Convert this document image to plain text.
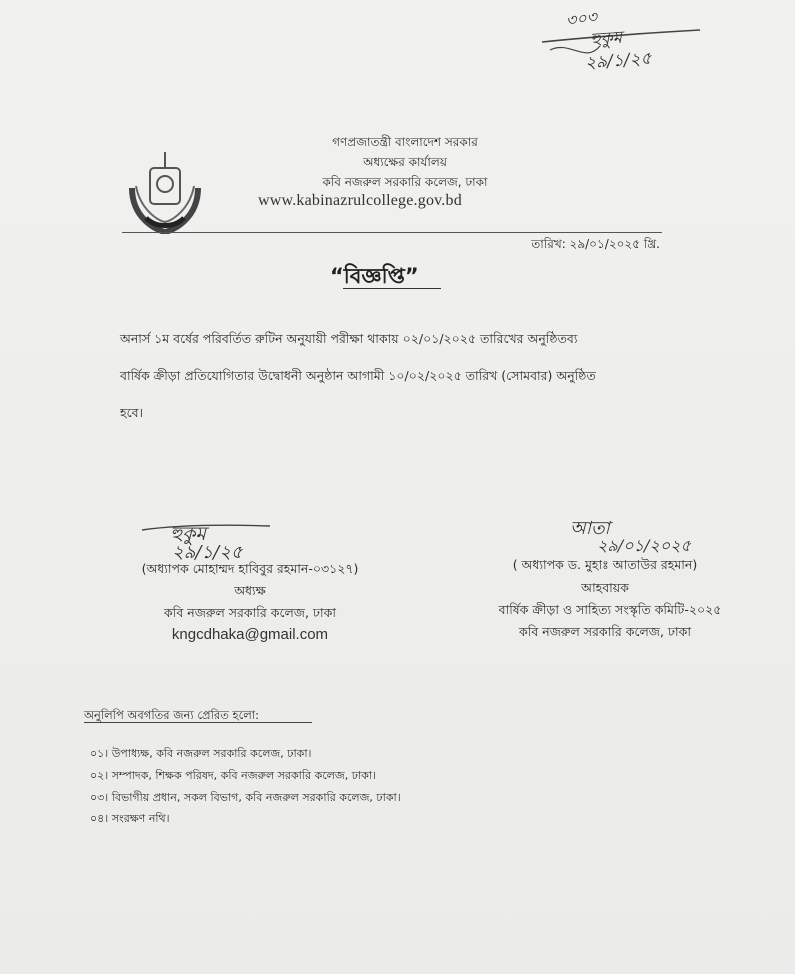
৩০৩
হুকুম
২৯/১/২৫
গণপ্রজাতন্ত্রী বাংলাদেশ সরকার
অধ্যক্ষের কার্যালয়
কবি নজরুল সরকারি কলেজ, ঢাকা
www.kabinazrulcollege.gov.bd
তারিখ: ২৯/০১/২০২৫ খ্রি.
“বিজ্ঞপ্তি”
অনার্স ১ম বর্ষের পরিবর্তিত রুটিন অনুযায়ী পরীক্ষা থাকায় ০২/০১/২০২৫ তারিখের অনুষ্ঠিতব্য
বার্ষিক ক্রীড়া প্রতিযোগিতার উদ্বোধনী অনুষ্ঠান আগামী ১০/০২/২০২৫ তারিখ (সোমবার) অনুষ্ঠিত
হবে।
হুকুম
২৯/১/২৫
(অধ্যাপক মোহাম্মদ হাবিবুর রহমান-০৩১২৭)
অধ্যক্ষ
কবি নজরুল সরকারি কলেজ, ঢাকা
kngcdhaka@gmail.com
আতা
২৯/০১/২০২৫
( অধ্যাপক ড. মুহাঃ আতাউর রহমান)
আহবায়ক
বার্ষিক ক্রীড়া ও সাহিত্য সংস্কৃতি কমিটি-২০২৫
কবি নজরুল সরকারি কলেজ, ঢাকা
অনুলিপি অবগতির জন্য প্রেরিত হলো:
০১। উপাধ্যক্ষ, কবি নজরুল সরকারি কলেজ, ঢাকা।
০২। সম্পাদক, শিক্ষক পরিষদ, কবি নজরুল সরকারি কলেজ, ঢাকা।
০৩। বিভাগীয় প্রধান, সকল বিভাগ, কবি নজরুল সরকারি কলেজ, ঢাকা।
০৪। সংরক্ষণ নথি।
